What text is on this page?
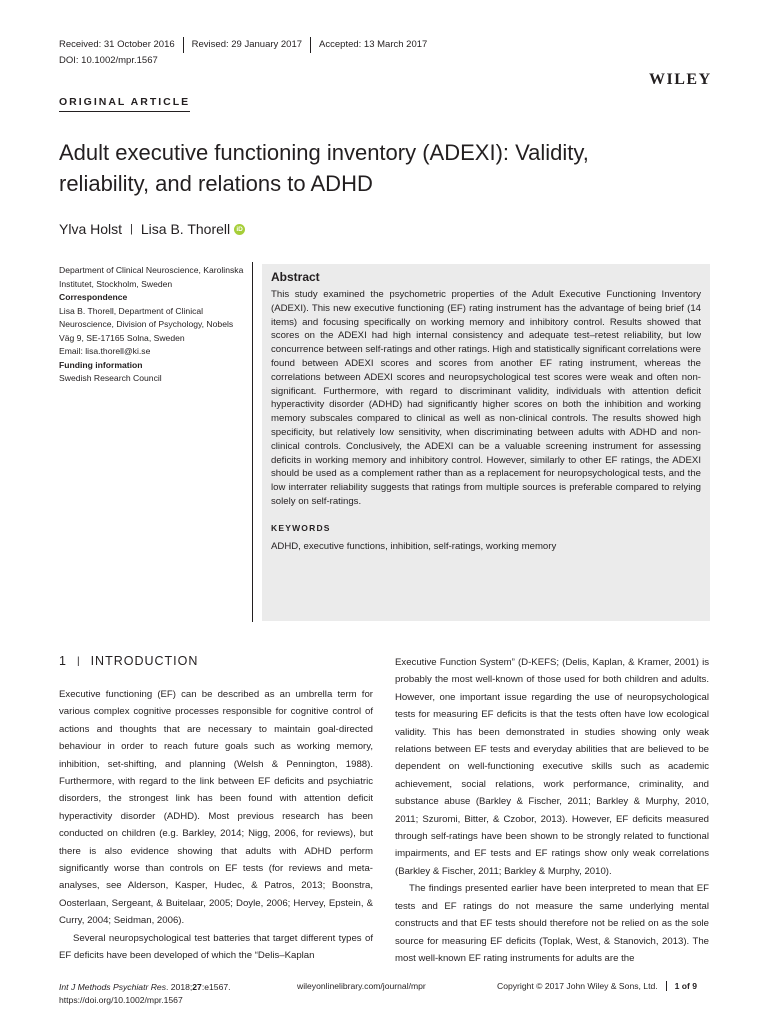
Received: 31 October 2016	Revised: 29 January 2017	Accepted: 13 March 2017
DOI: 10.1002/mpr.1567
WILEY
ORIGINAL ARTICLE
Adult executive functioning inventory (ADEXI): Validity, reliability, and relations to ADHD
Ylva Holst | Lisa B. Thorell iD
Department of Clinical Neuroscience, Karolinska Institutet, Stockholm, Sweden
Correspondence
Lisa B. Thorell, Department of Clinical Neuroscience, Division of Psychology, Nobels Väg 9, SE-17165 Solna, Sweden
Email: lisa.thorell@ki.se
Funding information
Swedish Research Council
Abstract

This study examined the psychometric properties of the Adult Executive Functioning Inventory (ADEXI). This new executive functioning (EF) rating instrument has the advantage of being brief (14 items) and focusing specifically on working memory and inhibitory control. Results showed that scores on the ADEXI had high internal consistency and adequate test–retest reliability, but low concurrence between self-ratings and other ratings. High and statistically significant correlations were found between ADEXI scores and scores from another EF rating instrument, whereas the correlations between ADEXI scores and neuropsychological test scores were weak and often non-significant. Furthermore, with regard to discriminant validity, individuals with attention deficit hyperactivity disorder (ADHD) had significantly higher scores on both the inhibition and working memory subscales compared to clinical as well as non-clinical controls. The results showed high specificity, but relatively low sensitivity, when discriminating between adults with ADHD and non-clinical controls. Conclusively, the ADEXI can be a valuable screening instrument for assessing deficits in working memory and inhibitory control. However, similarly to other EF ratings, the ADEXI should be used as a complement rather than as a replacement for neuropsychological tests, and the low interrater reliability suggests that ratings from multiple sources is preferable compared to relying solely on self-ratings.

KEYWORDS
ADHD, executive functions, inhibition, self-ratings, working memory
1 | INTRODUCTION

Executive functioning (EF) can be described as an umbrella term for various complex cognitive processes responsible for cognitive control of actions and thoughts that are necessary to maintain goal-directed behaviour in order to reach future goals such as working memory, inhibition, set-shifting, and planning (Welsh & Pennington, 1988). Furthermore, with regard to the link between EF deficits and psychiatric disorders, the strongest link has been found with attention deficit hyperactivity disorder (ADHD). Most previous research has been conducted on children (e.g. Barkley, 2014; Nigg, 2006, for reviews), but there is also evidence showing that adults with ADHD perform significantly worse than controls on EF tests (for reviews and meta-analyses, see Alderson, Kasper, Hudec, & Patros, 2013; Boonstra, Oosterlaan, Sergeant, & Buitelaar, 2005; Doyle, 2006; Hervey, Epstein, & Curry, 2004; Seidman, 2006).

Several neuropsychological test batteries that target different types of EF deficits have been developed of which the “Delis–Kaplan

Executive Function System” (D-KEFS; (Delis, Kaplan, & Kramer, 2001) is probably the most well-known of those used for both children and adults. However, one important issue regarding the use of neuropsychological tests for measuring EF deficits is that the tests often have low ecological validity. This has been demonstrated in studies showing only weak relations between EF tests and everyday abilities that are believed to be dependent on well-functioning executive skills such as academic achievement, social relations, work performance, criminality, and substance abuse (Barkley & Fischer, 2011; Barkley & Murphy, 2010, 2011; Szuromi, Bitter, & Czobor, 2013). However, EF deficits measured through self-ratings have been shown to be strongly related to functional impairments, and EF tests and EF ratings show only weak correlations (Barkley & Fischer, 2011; Barkley & Murphy, 2010).

The findings presented earlier have been interpreted to mean that EF tests and EF ratings do not measure the same underlying mental constructs and that EF tests should therefore not be relied on as the sole source for measuring EF deficits (Toplak, West, & Stanovich, 2013). The most well-known EF rating instruments for adults are the

Int J Methods Psychiatr Res. 2018;27:e1567.
https://doi.org/10.1002/mpr.1567
wileyonlinelibrary.com/journal/mpr	Copyright © 2017 John Wiley & Sons, Ltd.	1 of 9
